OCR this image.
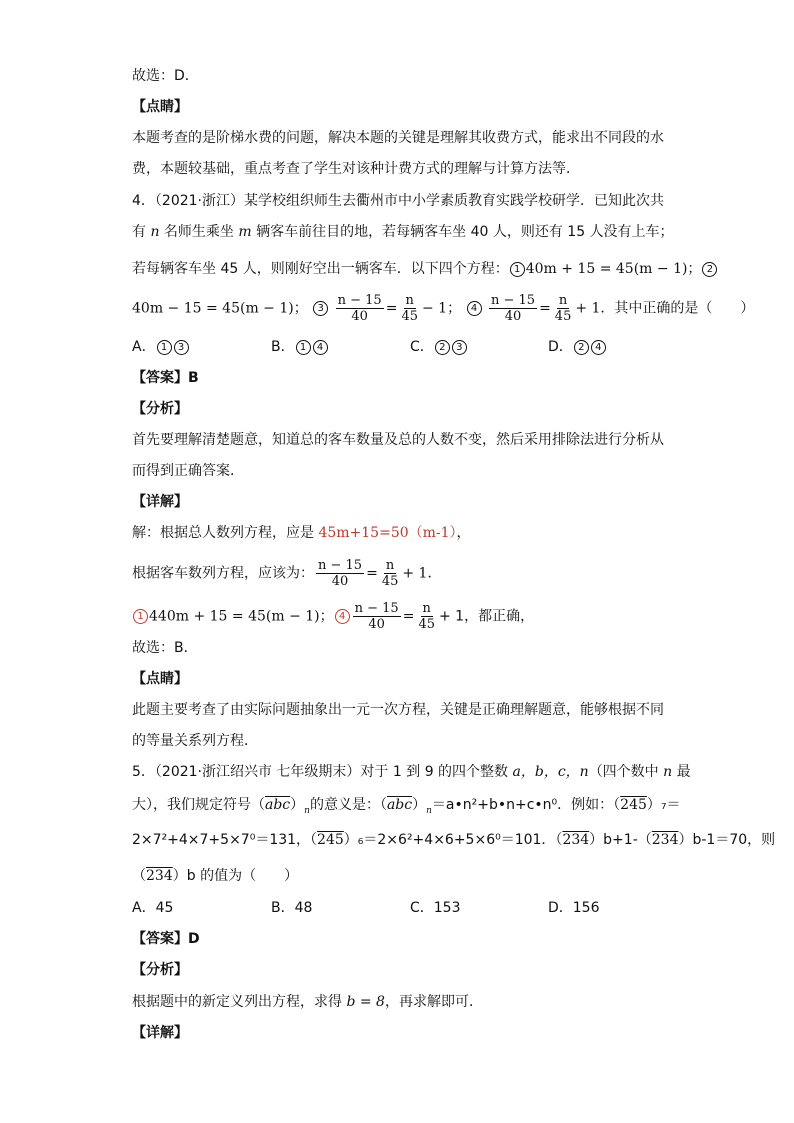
故选：D．
【点睛】
本题考查的是阶梯水费的问题，解决本题的关键是理解其收费方式，能求出不同段的水
费，本题较基础，重点考查了学生对该种计费方式的理解与计算方法等．
4．（2021·浙江）某学校组织师生去衢州市中小学素质教育实践学校研学．已知此次共
有 n 名师生乘坐 m 辆客车前往目的地，若每辆客车坐 40 人，则还有 15 人没有上车；
若每辆客车坐 45 人，则刚好空出一辆客车．以下四个方程： 1 40m + 15 = 45(m − 1)； 2
40m − 15 = 45(m − 1)； $3 \frac{n - 15}{40} = \frac{n}{45} - 1$； $4 \frac{n - 15}{40} = \frac{n}{45} + 1$．其中正确的是（　　）
A． 1 3	B． 1 4	C． 2 3	D． 2 4
【答案】B
【分析】
首先要理解清楚题意，知道总的客车数量及总的人数不变，然后采用排除法进行分析从
而得到正确答案．
【详解】
解：根据总人数列方程，应是 45m+15=50（m-1），
根据客车数列方程，应该为： $\frac{n - 15}{40} = \frac{n}{45} + 1$．
1 440m + 15 = 45(m − 1)； $4 \frac{n - 15}{40} = \frac{n}{45} + 1$，都正确，
故选：B．
【点睛】
此题主要考查了由实际问题抽象出一元一次方程，关键是正确理解题意，能够根据不同
的等量关系列方程．
5．（2021·浙江绍兴市 七年级期末）对于 1 到 9 的四个整数 a，b，c，n（四个数中 n 最
大），我们规定符号$(\overline{abc})_n$的意义是：$(\overline{abc})_n=a•n^2+b•n+c•n^0$．例如：（245）₇＝
2×7²+4×7+5×7⁰＝131，（245）₆＝2×6²+4×6+5×6⁰＝101．（234）b+1-（234）b-1＝70，则
（234）b 的值为（　　）
A．45	B．48	C．153	D．156
【答案】D
【分析】
根据题中的新定义列出方程，求得 b = 8，再求解即可．
【详解】
